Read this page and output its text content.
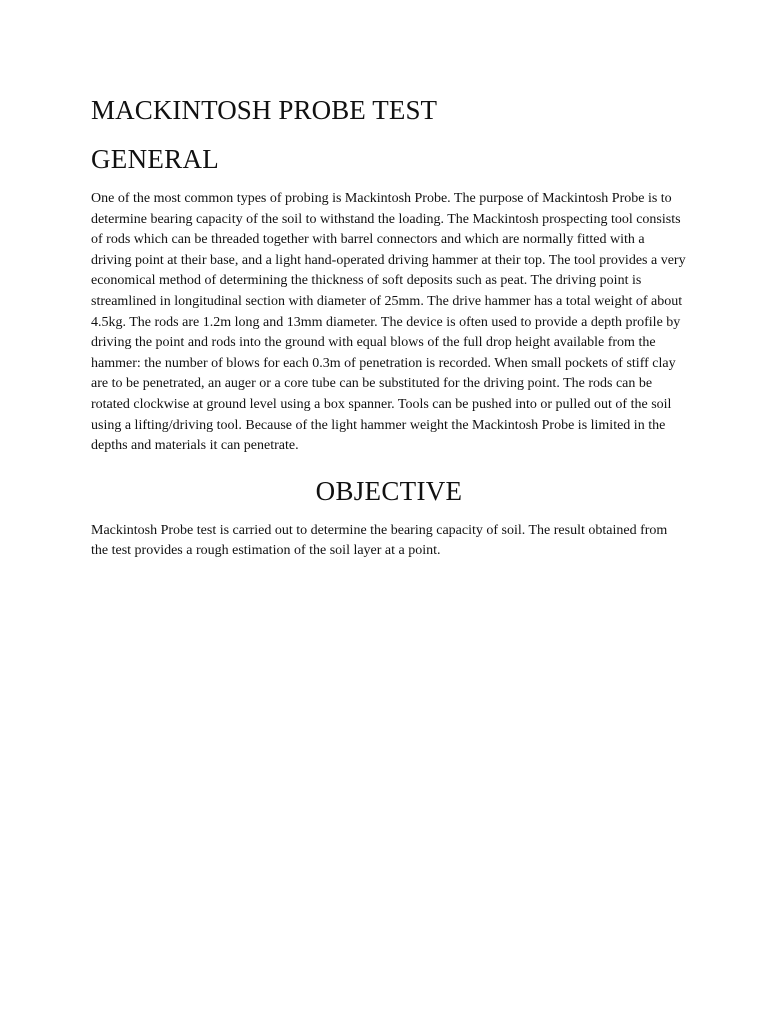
MACKINTOSH PROBE TEST
GENERAL

One of the most common types of probing is Mackintosh Probe. The purpose of Mackintosh Probe is to determine bearing capacity of the soil to withstand the loading. The Mackintosh prospecting tool consists of rods which can be threaded together with barrel connectors and which are normally fitted with a driving point at their base, and a light hand-operated driving hammer at their top. The tool provides a very economical method of determining the thickness of soft deposits such as peat. The driving point is streamlined in longitudinal section with diameter of 25mm. The drive hammer has a total weight of about 4.5kg. The rods are 1.2m long and 13mm diameter. The device is often used to provide a depth profile by driving the point and rods into the ground with equal blows of the full drop height available from the hammer: the number of blows for each 0.3m of penetration is recorded. When small pockets of stiff clay are to be penetrated, an auger or a core tube can be substituted for the driving point. The rods can be rotated clockwise at ground level using a box spanner. Tools can be pushed into or pulled out of the soil using a lifting/driving tool. Because of the light hammer weight the Mackintosh Probe is limited in the depths and materials it can penetrate.

OBJECTIVE

Mackintosh Probe test is carried out to determine the bearing capacity of soil. The result obtained from the test provides a rough estimation of the soil layer at a point.
